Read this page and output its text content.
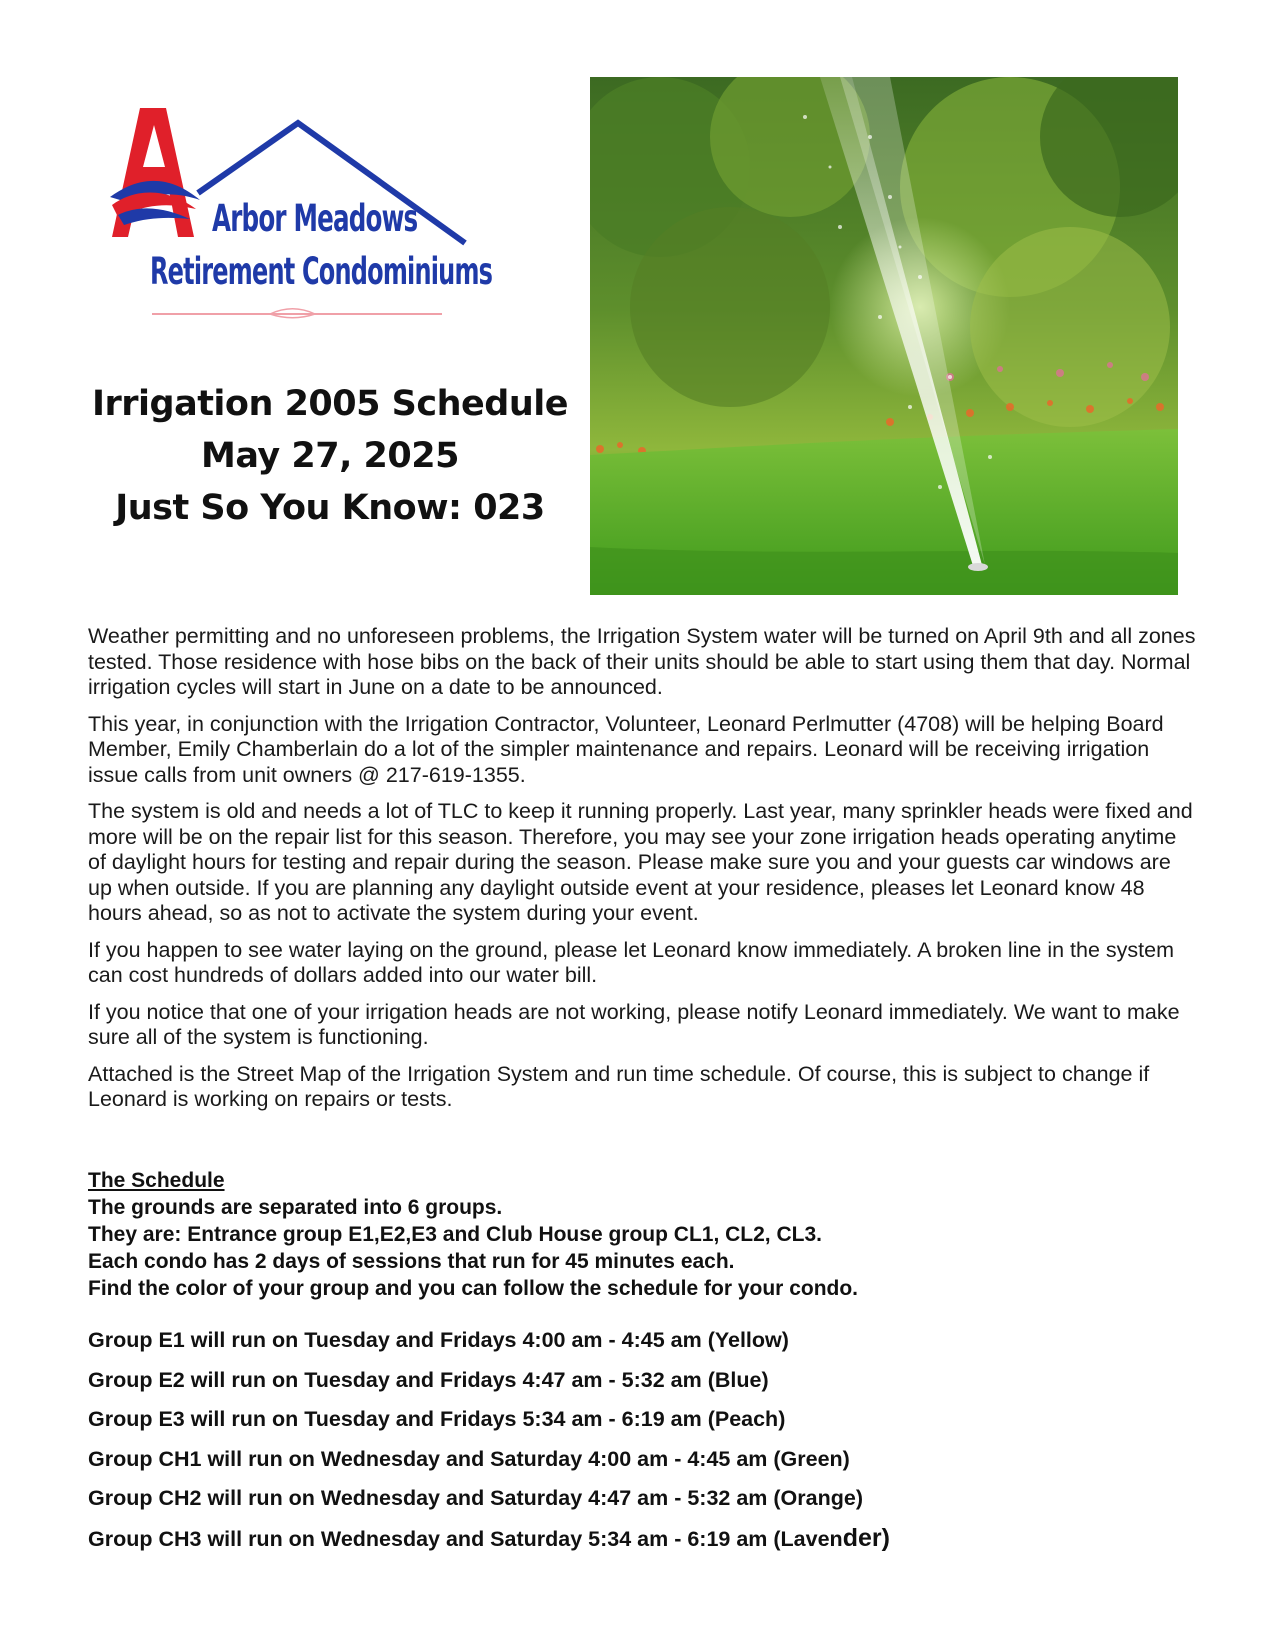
Arbor Meadows
Retirement Condominiums
Irrigation 2005 Schedule
May 27, 2025
Just So You Know: 023

Weather permitting and no unforeseen problems, the Irrigation System water will be turned on April 9th and all zones tested. Those residence with hose bibs on the back of their units should be able to start using them that day. Normal irrigation cycles will start in June on a date to be announced.

This year, in conjunction with the Irrigation Contractor, Volunteer, Leonard Perlmutter (4708) will be helping Board Member, Emily Chamberlain do a lot of the simpler maintenance and repairs. Leonard will be receiving irrigation issue calls from unit owners @ 217-619-1355.

The system is old and needs a lot of TLC to keep it running properly. Last year, many sprinkler heads were fixed and more will be on the repair list for this season. Therefore, you may see your zone irrigation heads operating anytime of daylight hours for testing and repair during the season. Please make sure you and your guests car windows are up when outside. If you are planning any daylight outside event at your residence, pleases let Leonard know 48 hours ahead, so as not to activate the system during your event.

If you happen to see water laying on the ground, please let Leonard know immediately. A broken line in the system can cost hundreds of dollars added into our water bill.

If you notice that one of your irrigation heads are not working, please notify Leonard immediately. We want to make sure all of the system is functioning.

Attached is the Street Map of the Irrigation System and run time schedule. Of course, this is subject to change if Leonard is working on repairs or tests.

The Schedule
The grounds are separated into 6 groups.
They are: Entrance group E1,E2,E3 and Club House group CL1, CL2, CL3.
Each condo has 2 days of sessions that run for 45 minutes each.
Find the color of your group and you can follow the schedule for your condo.
Group E1 will run on Tuesday and Fridays 4:00 am - 4:45 am (Yellow)
Group E2 will run on Tuesday and Fridays 4:47 am - 5:32 am (Blue)
Group E3 will run on Tuesday and Fridays 5:34 am - 6:19 am (Peach)
Group CH1 will run on Wednesday and Saturday 4:00 am - 4:45 am (Green)
Group CH2 will run on Wednesday and Saturday 4:47 am - 5:32 am (Orange)
Group CH3 will run on Wednesday and Saturday 5:34 am - 6:19 am (Lavender)
